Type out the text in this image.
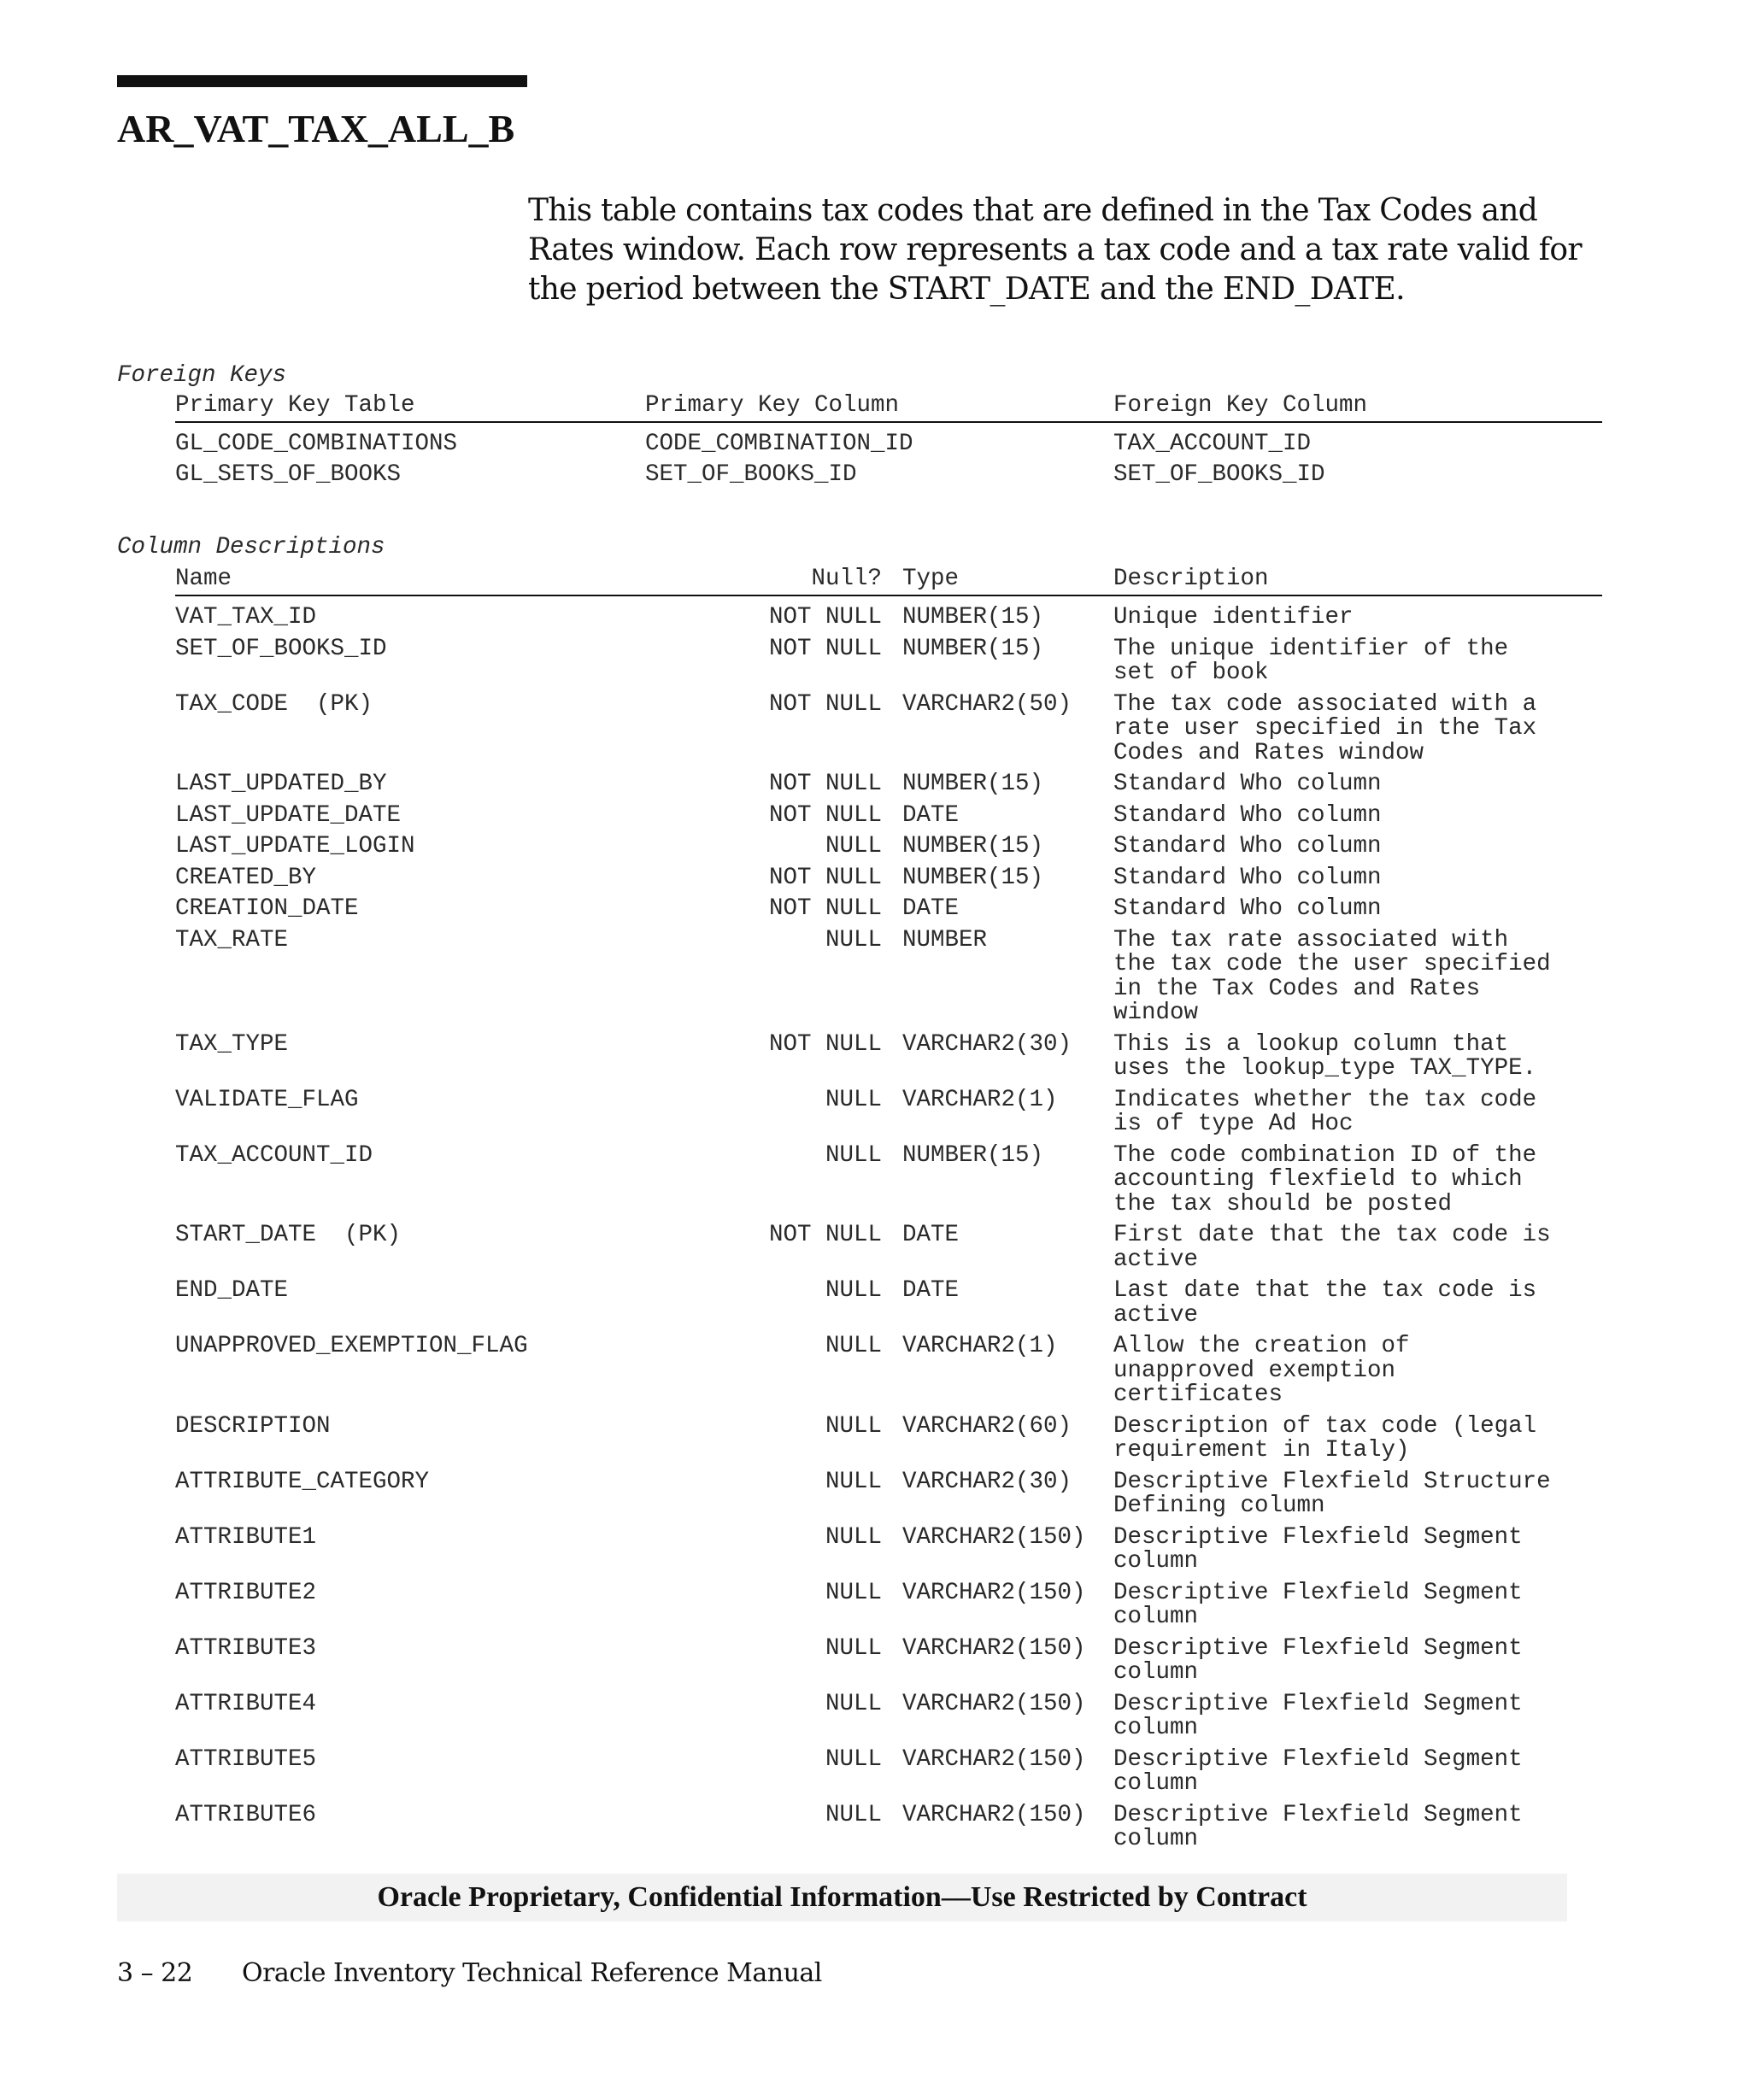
AR_VAT_TAX_ALL_B
This table contains tax codes that are defined in the Tax Codes and Rates window. Each row represents a tax code and a tax rate valid for the period between the START_DATE and the END_DATE.
Foreign Keys
Primary Key Table	Primary Key Column	Foreign Key Column
GL_CODE_COMBINATIONS	CODE_COMBINATION_ID	TAX_ACCOUNT_ID
GL_SETS_OF_BOOKS	SET_OF_BOOKS_ID	SET_OF_BOOKS_ID
Column Descriptions
Name	Null? Type	Description
VAT_TAX_ID	NOT NULL NUMBER(15)	Unique identifier
SET_OF_BOOKS_ID	NOT NULL NUMBER(15)	The unique identifier of the
set of book
TAX_CODE  (PK)	NOT NULL VARCHAR2(50) The tax code associated with a
rate user specified in the Tax
Codes and Rates window
LAST_UPDATED_BY	NOT NULL NUMBER(15)	Standard Who column
LAST_UPDATE_DATE	NOT NULL DATE	Standard Who column
LAST_UPDATE_LOGIN	NULL NUMBER(15)	Standard Who column
CREATED_BY	NOT NULL NUMBER(15)	Standard Who column
CREATION_DATE	NOT NULL DATE	Standard Who column
TAX_RATE	NULL NUMBER	The tax rate associated with
the tax code the user specified
in the Tax Codes and Rates
window
TAX_TYPE	NOT NULL VARCHAR2(30) This is a lookup column that
uses the lookup_type TAX_TYPE.
VALIDATE_FLAG	NULL VARCHAR2(1) Indicates whether the tax code
is of type Ad Hoc
TAX_ACCOUNT_ID	NULL NUMBER(15)	The code combination ID of the
accounting flexfield to which
the tax should be posted
START_DATE  (PK)	NOT NULL DATE	First date that the tax code is
active
END_DATE	NULL DATE	Last date that the tax code is
active
UNAPPROVED_EXEMPTION_FLAG	NULL VARCHAR2(1) Allow the creation of
unapproved exemption
certificates
DESCRIPTION	NULL VARCHAR2(60) Description of tax code (legal
requirement in Italy)
ATTRIBUTE_CATEGORY	NULL VARCHAR2(30) Descriptive Flexfield Structure
Defining column
ATTRIBUTE1	NULL VARCHAR2(150) Descriptive Flexfield Segment
column
ATTRIBUTE2	NULL VARCHAR2(150) Descriptive Flexfield Segment
column
ATTRIBUTE3	NULL VARCHAR2(150) Descriptive Flexfield Segment
column
ATTRIBUTE4	NULL VARCHAR2(150) Descriptive Flexfield Segment
column
ATTRIBUTE5	NULL VARCHAR2(150) Descriptive Flexfield Segment
column
ATTRIBUTE6	NULL VARCHAR2(150) Descriptive Flexfield Segment
column
Oracle Proprietary, Confidential Information––Use Restricted by Contract
3 – 22 Oracle Inventory Technical Reference Manual
